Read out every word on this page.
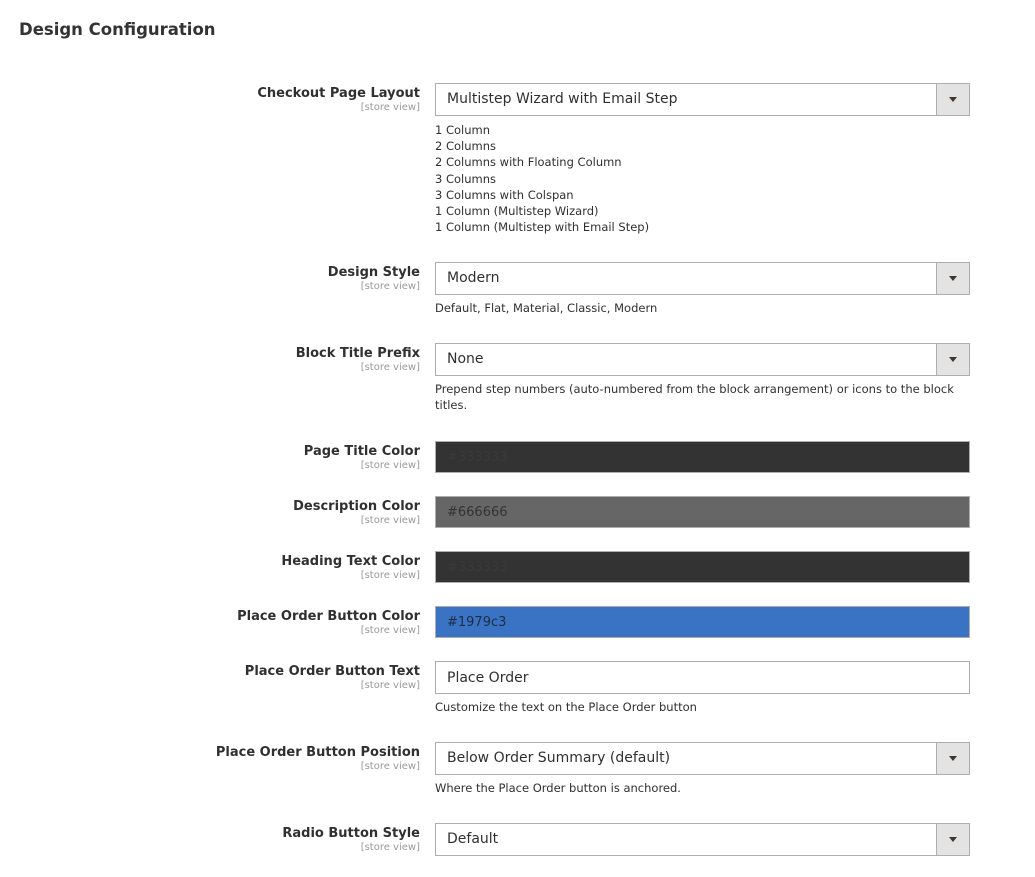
Design Configuration
Checkout Page Layout
[store view]
Multistep Wizard with Email Step
1 Column
2 Columns
2 Columns with Floating Column
3 Columns
3 Columns with Colspan
1 Column (Multistep Wizard)
1 Column (Multistep with Email Step)
Design Style
[store view]
Modern
Default, Flat, Material, Classic, Modern
Block Title Prefix
[store view]
None
Prepend step numbers (auto-numbered from the block arrangement) or icons to the block titles.
Page Title Color
[store view]
#333333
Description Color
[store view]
#666666
Heading Text Color
[store view]
#333333
Place Order Button Color
[store view]
#1979c3
Place Order Button Text
[store view]
Place Order
Customize the text on the Place Order button
Place Order Button Position
[store view]
Below Order Summary (default)
Where the Place Order button is anchored.
Radio Button Style
[store view]
Default
